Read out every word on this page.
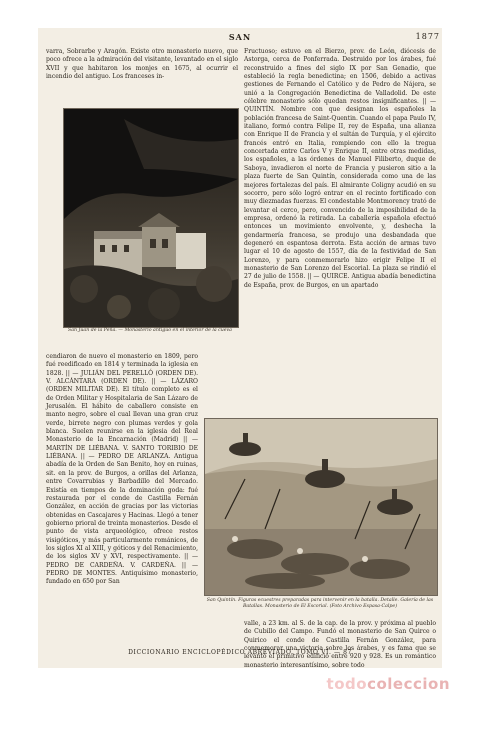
SAN	1877
varra, Sobrarbe y Aragón. Existe otro monasterio nuevo, que poco ofrece a la admiración del visitante, levantado en el siglo XVII y que habitaron los monjes en 1675, al ocurrir el incendio del antiguo. Los franceses in-
San Juan de la Peña. — Monasterio antiguo en el interior de la cueva
Fructuoso; estuvo en el Bierzo, prov. de León, diócesis de Astorga, cerca de Ponferrada. Destruido por los árabes, fué reconstruido a fines del siglo IX por San Genadio, que estableció la regla benedictina; en 1506, debido a activas gestiones de Fernando el Católico y de Pedro de Nájera, se unió a la Congregación Benedictina de Valladolid. De este célebre monasterio sólo quedan restos insignificantes. || — QUINTÍN. Nombre con que designan los españoles la población francesa de Saint-Quentin. Cuando el papa Paulo IV, italiano, formó contra Felipe II, rey de España, una alianza con Enrique II de Francia y el sultán de Turquía, y el ejército francés entró en Italia, rompiendo con ello la tregua concertada entre Carlos V y Enrique II, entre otras medidas, los españoles, a las órdenes de Manuel Filiberto, duque de Saboya, invadieron el norte de Francia y pusieron sitio a la plaza fuerte de San Quintín, considerada como una de las mejores fortalezas del país. El almirante Coligny acudió en su socorro, pero sólo logró entrar en el recinto fortificado con muy diezmadas fuerzas. El condestable Montmorency trató de levantar el cerco, pero, convencido de la imposibilidad de la empresa, ordenó la retirada. La caballería española efectuó entonces un movimiento envolvente, y, deshecha la gendarmería francesa, se produjo una desbandada que degeneró en espantosa derrota. Esta acción de armas tuvo lugar el 10 de agosto de 1557, día de la festividad de San Lorenzo, y para conmemorarlo hizo erigir Felipe II el monasterio de San Lorenzo del Escorial. La plaza se rindió el 27 de julio de 1558. || — QUIRCE. Antigua abadía benedictina de España, prov. de Burgos, en un apartado
cendiaron de nuevo el monasterio en 1809, pero fué reedificado en 1814 y terminada la iglesia en 1828. || — JULIÁN DEL PERELLÓ (ORDEN DE). V. ALCÁNTARA (ORDEN DE). || — LÁZARO (ORDEN MILITAR DE). El título completo es el de Orden Militar y Hospitalaria de San Lázaro de Jerusalén. El hábito de caballero consiste en manto negro, sobre el cual llevan una gran cruz verde, birrete negro con plumas verdes y gola blanca. Suelen reunirse en la iglesia del Real Monasterio de la Encarnación (Madrid) || — MARTÍN DE LIÉBANA. V. SANTO TORIBIO DE LIÉBANA. || — PEDRO DE ARLANZA. Antigua abadía de la Orden de San Benito, hoy en ruinas, sit. en la prov. de Burgos, a orillas del Arlanza, entre Covarrubias y Barbadillo del Mercado. Existía en tiempos de la dominación goda: fué restaurada por el conde de Castilla Fernán González, en acción de gracias por las victorias obtenidas en Cascajares y Hacinas. Llegó a tener gobierno prioral de treinta monasterios. Desde el punto de vista arqueológico, ofrece restos visigóticos, y más particularmente románicos, de los siglos XI al XIII, y góticos y del Renacimiento, de los siglos XV y XVI, respectivamente. || — PEDRO DE CARDEÑA. V. CARDEÑA. || — PEDRO DE MONTES. Antiquísimo monasterio, fundado en 650 por San
San Quintín. Figuras ecuestres preparadas para intervenir en la batalla. Detalle. Galería de las Batallas. Monasterio de El Escorial. (Foto Archivo Espasa-Calpe)
valle, a 23 km. al S. de la cap. de la prov. y próxima al pueblo de Cubillo del Campo. Fundó el monasterio de San Quirce o Quirico el conde de Castilla Fernán González, para conmemorar una victoria sobre los árabes, y es fama que se levantó el primitivo edificio entre 920 y 928. Es un romántico monasterio interesantísimo, sobre todo
DICCIONARIO ENCICLOPÉDICO ABREVIADO. TOMO VI. — 87
todocoleccion
